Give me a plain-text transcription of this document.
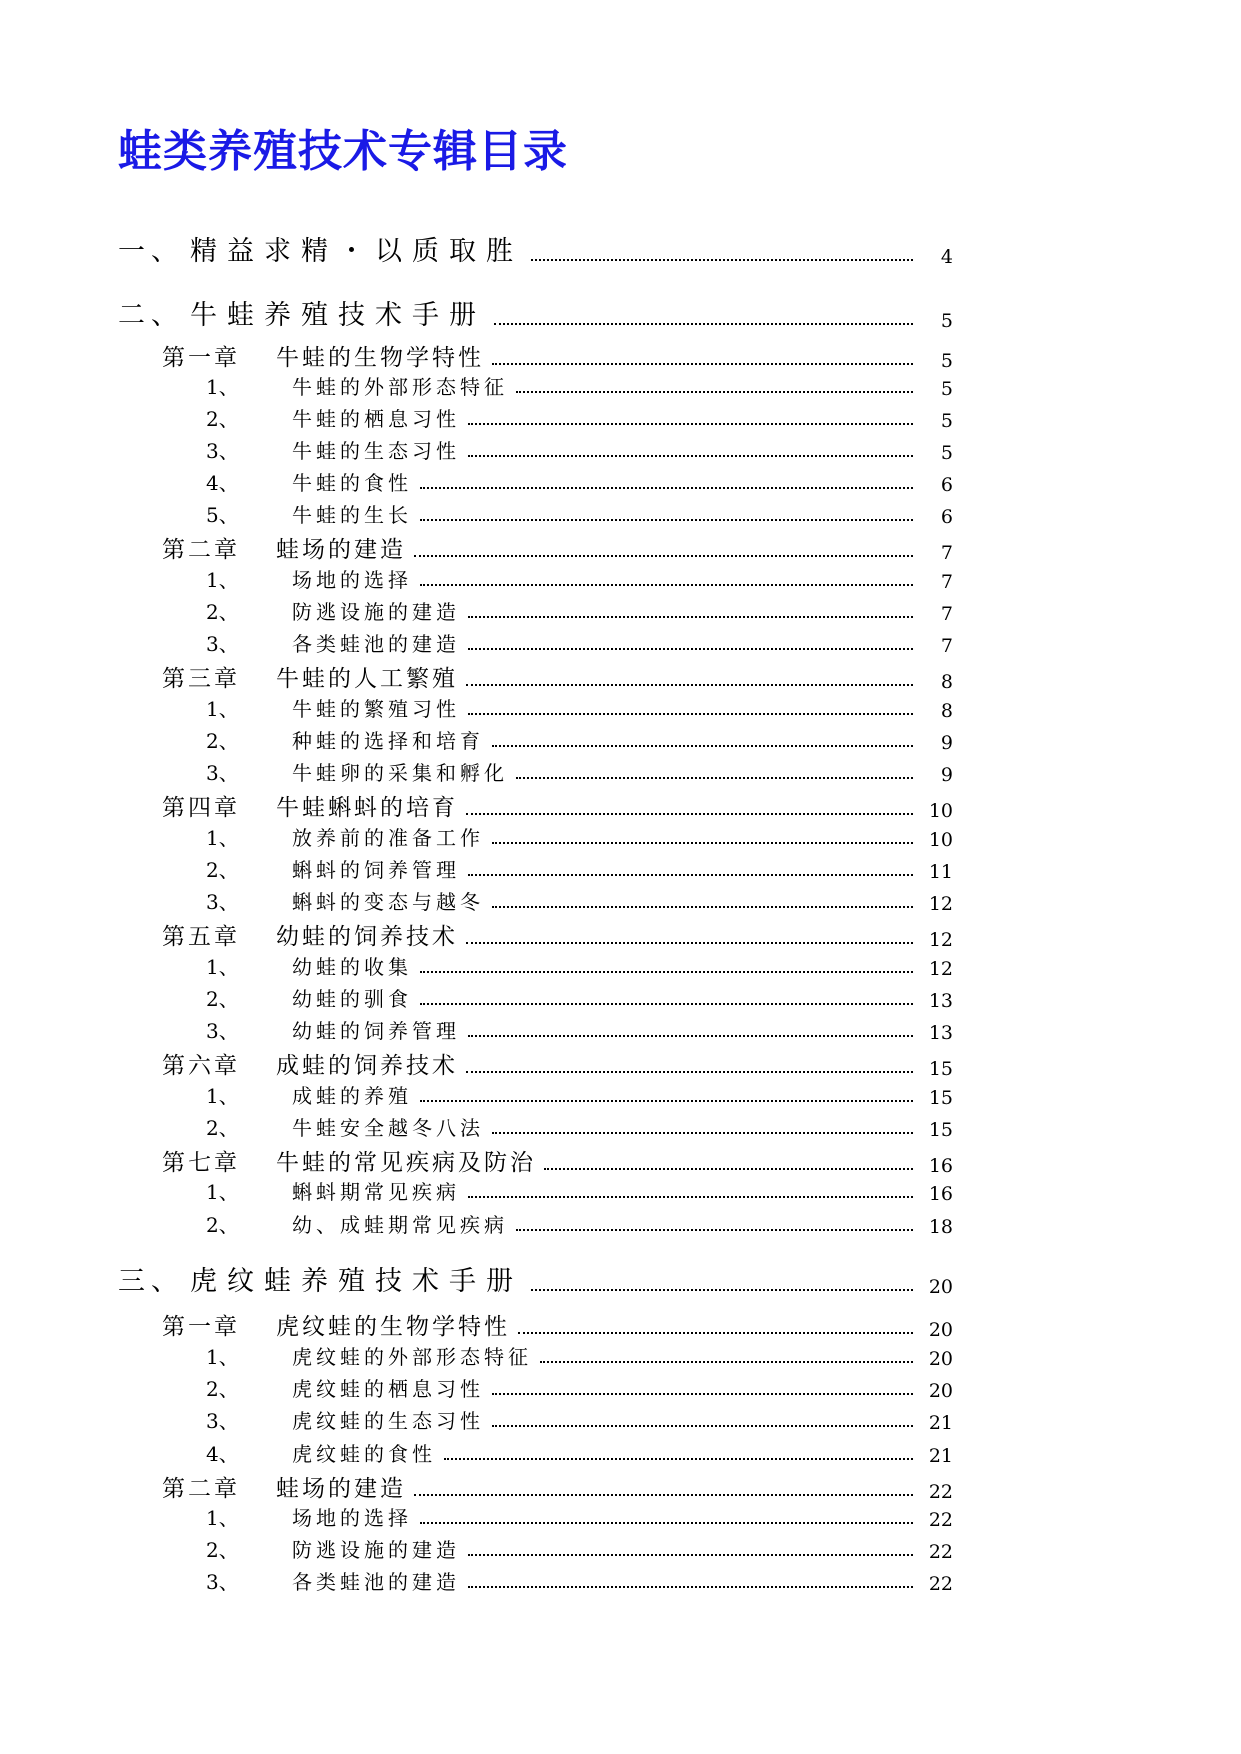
蛙类养殖技术专辑目录
一、 精益求精・以质取胜	4
二、 牛蛙养殖技术手册	5
第一章	牛蛙的生物学特性	5
1、	牛蛙的外部形态特征	5
2、	牛蛙的栖息习性	5
3、	牛蛙的生态习性	5
4、	牛蛙的食性	6
5、	牛蛙的生长	6
第二章	蛙场的建造	7
1、	场地的选择	7
2、	防逃设施的建造	7
3、	各类蛙池的建造	7
第三章	牛蛙的人工繁殖	8
1、	牛蛙的繁殖习性	8
2、	种蛙的选择和培育	9
3、	牛蛙卵的采集和孵化	9
第四章	牛蛙蝌蚪的培育	10
1、	放养前的准备工作	10
2、	蝌蚪的饲养管理	11
3、	蝌蚪的变态与越冬	12
第五章	幼蛙的饲养技术	12
1、	幼蛙的收集	12
2、	幼蛙的驯食	13
3、	幼蛙的饲养管理	13
第六章	成蛙的饲养技术	15
1、	成蛙的养殖	15
2、	牛蛙安全越冬八法	15
第七章	牛蛙的常见疾病及防治	16
1、	蝌蚪期常见疾病	16
2、	幼、成蛙期常见疾病	18
三、 虎纹蛙养殖技术手册	20
第一章	虎纹蛙的生物学特性	20
1、	虎纹蛙的外部形态特征	20
2、	虎纹蛙的栖息习性	20
3、	虎纹蛙的生态习性	21
4、	虎纹蛙的食性	21
第二章	蛙场的建造	22
1、	场地的选择	22
2、	防逃设施的建造	22
3、	各类蛙池的建造	22
